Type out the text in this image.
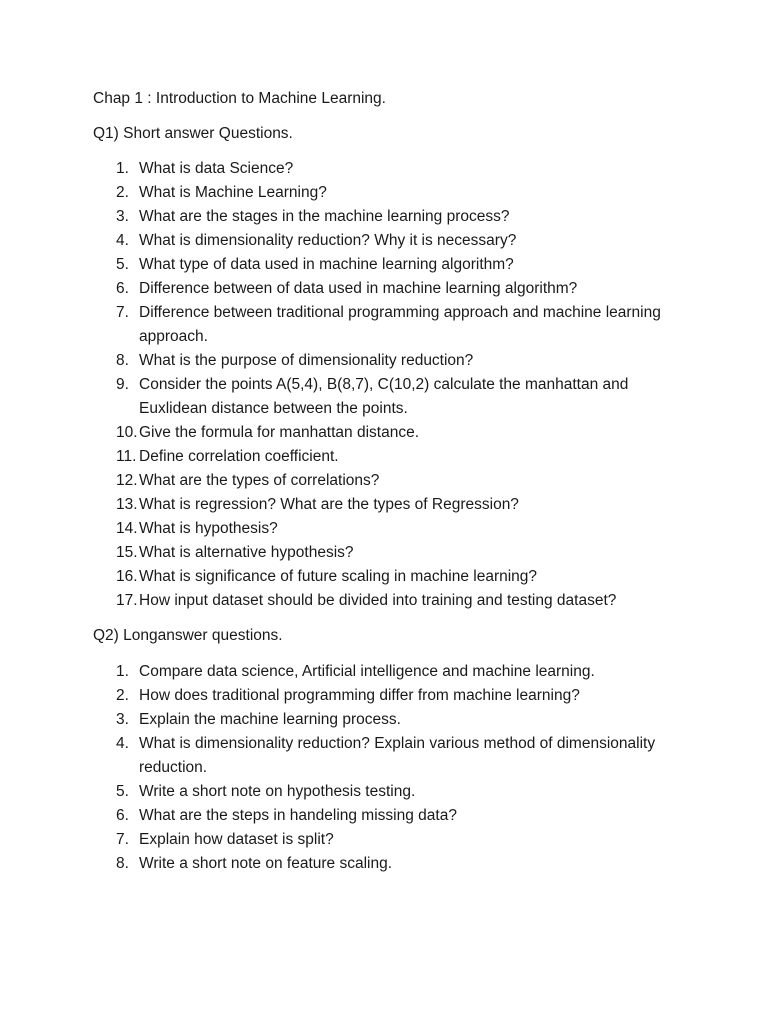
Chap 1 : Introduction to Machine Learning.

Q1) Short answer Questions.

1. What is data Science?
2. What is Machine Learning?
3. What are the stages in the machine learning process?
4. What is dimensionality reduction? Why it is necessary?
5. What type of data used in machine learning algorithm?
6. Difference between of data used in machine learning algorithm?
7. Difference between traditional programming approach and machine learning approach.
8. What is the purpose of dimensionality reduction?
9. Consider the points A(5,4), B(8,7), C(10,2) calculate the manhattan and Euxlidean distance between the points.
10. Give the formula for manhattan distance.
11. Define correlation coefficient.
12. What are the types of correlations?
13. What is regression? What are the types of Regression?
14. What is hypothesis?
15. What is alternative hypothesis?
16. What is significance of future scaling in machine learning?
17. How input dataset should be divided into training and testing dataset?

Q2) Longanswer questions.

1. Compare data science, Artificial intelligence and machine learning.
2. How does traditional programming differ from machine learning?
3. Explain the machine learning process.
4. What is dimensionality reduction? Explain various method of dimensionality reduction.
5. Write a short note on hypothesis testing.
6. What are the steps in handeling missing data?
7. Explain how dataset is split?
8. Write a short note on feature scaling.
